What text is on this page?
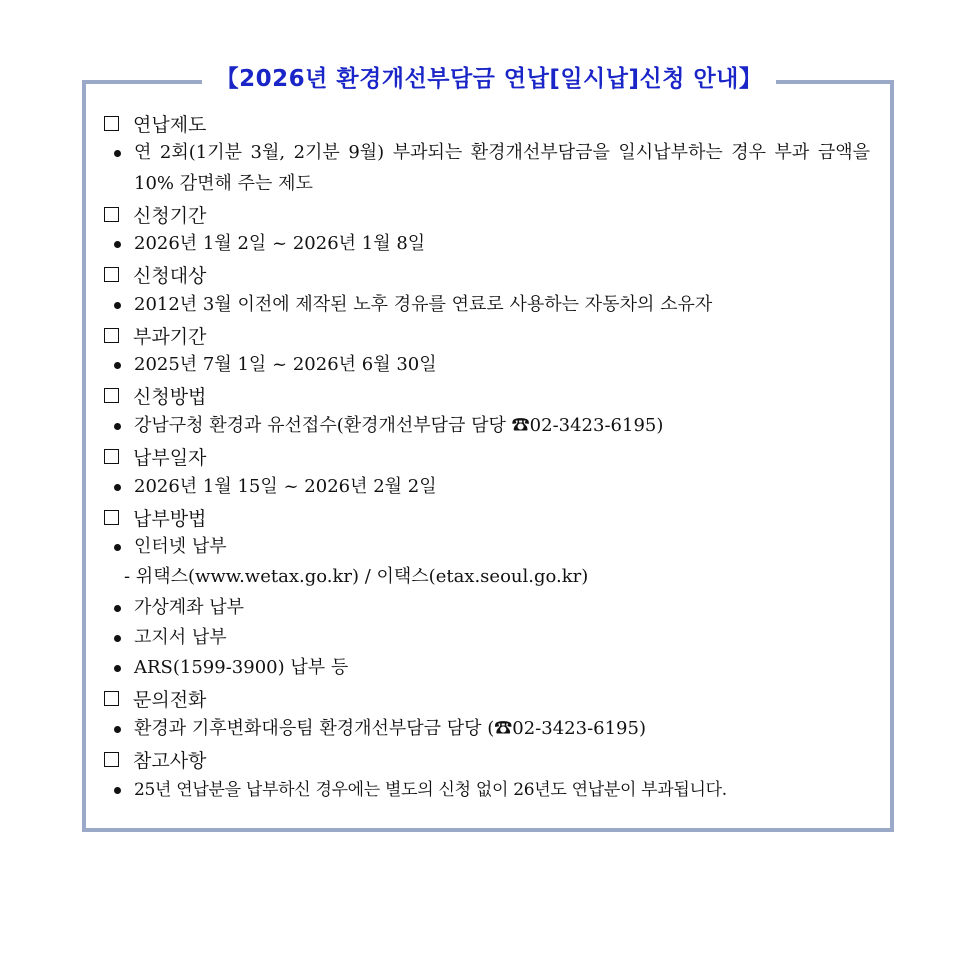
【2026년 환경개선부담금 연납[일시납]신청 안내】
연납제도
연 2회(1기분 3월, 2기분 9월) 부과되는 환경개선부담금을 일시납부하는 경우 부과 금액을 10% 감면해 주는 제도
신청기간
2026년 1월 2일 ~ 2026년 1월 8일
신청대상
2012년 3월 이전에 제작된 노후 경유를 연료로 사용하는 자동차의 소유자
부과기간
2025년 7월 1일 ~ 2026년 6월 30일
신청방법
강남구청 환경과 유선접수(환경개선부담금 담당 ☎02-3423-6195)
납부일자
2026년 1월 15일 ~ 2026년 2월 2일
납부방법
인터넷 납부
- 위택스(www.wetax.go.kr) / 이택스(etax.seoul.go.kr)
가상계좌 납부
고지서 납부
ARS(1599-3900) 납부 등
문의전화
환경과 기후변화대응팀 환경개선부담금 담당 (☎02-3423-6195)
참고사항
25년 연납분을 납부하신 경우에는 별도의 신청 없이 26년도 연납분이 부과됩니다.
